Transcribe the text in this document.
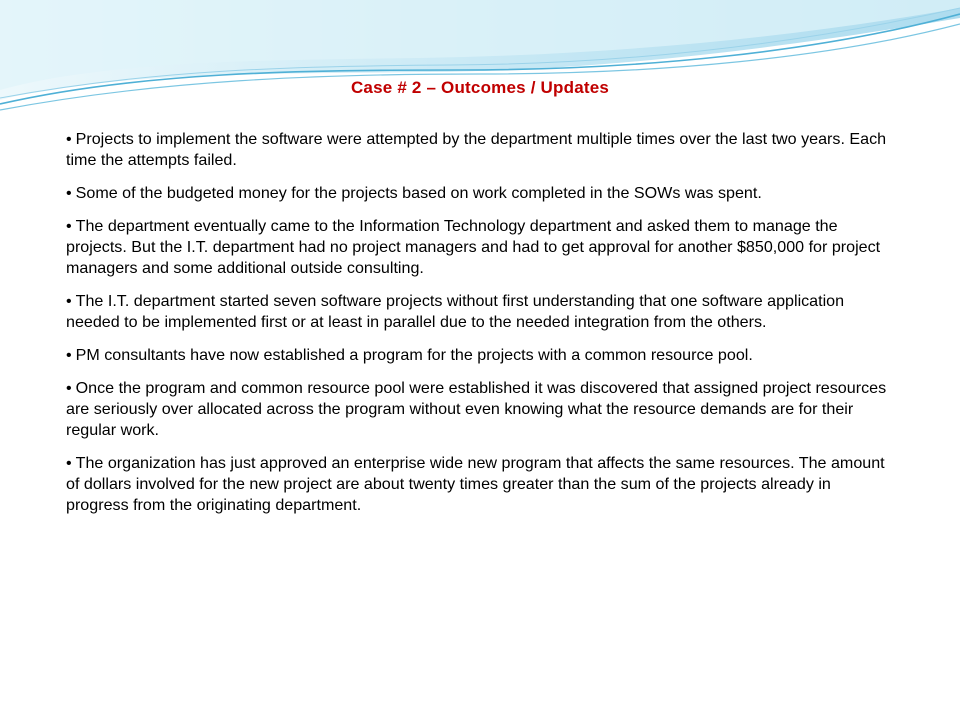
Case # 2 – Outcomes / Updates
• Projects to implement the software were attempted by the department multiple times over the last two years. Each time the attempts failed.
• Some of the budgeted money for the projects based on work completed in the SOWs was spent.
• The department eventually came to the Information Technology department and asked them to manage the projects. But the I.T. department had no project managers and had to get approval for another $850,000 for project managers and some additional outside consulting.
• The I.T. department started seven software projects without first understanding that one software application needed to be implemented first or at least in parallel due to the needed integration from the others.
• PM consultants have now established a program for the projects with a common resource pool.
• Once the program and common resource pool were established it was discovered that assigned project resources are seriously over allocated across the program without even knowing what the resource demands are for their regular work.
• The organization has just approved an enterprise wide new program that affects the same resources. The amount of dollars involved for the new project are about twenty times greater than the sum of the projects already in progress from the originating department.
